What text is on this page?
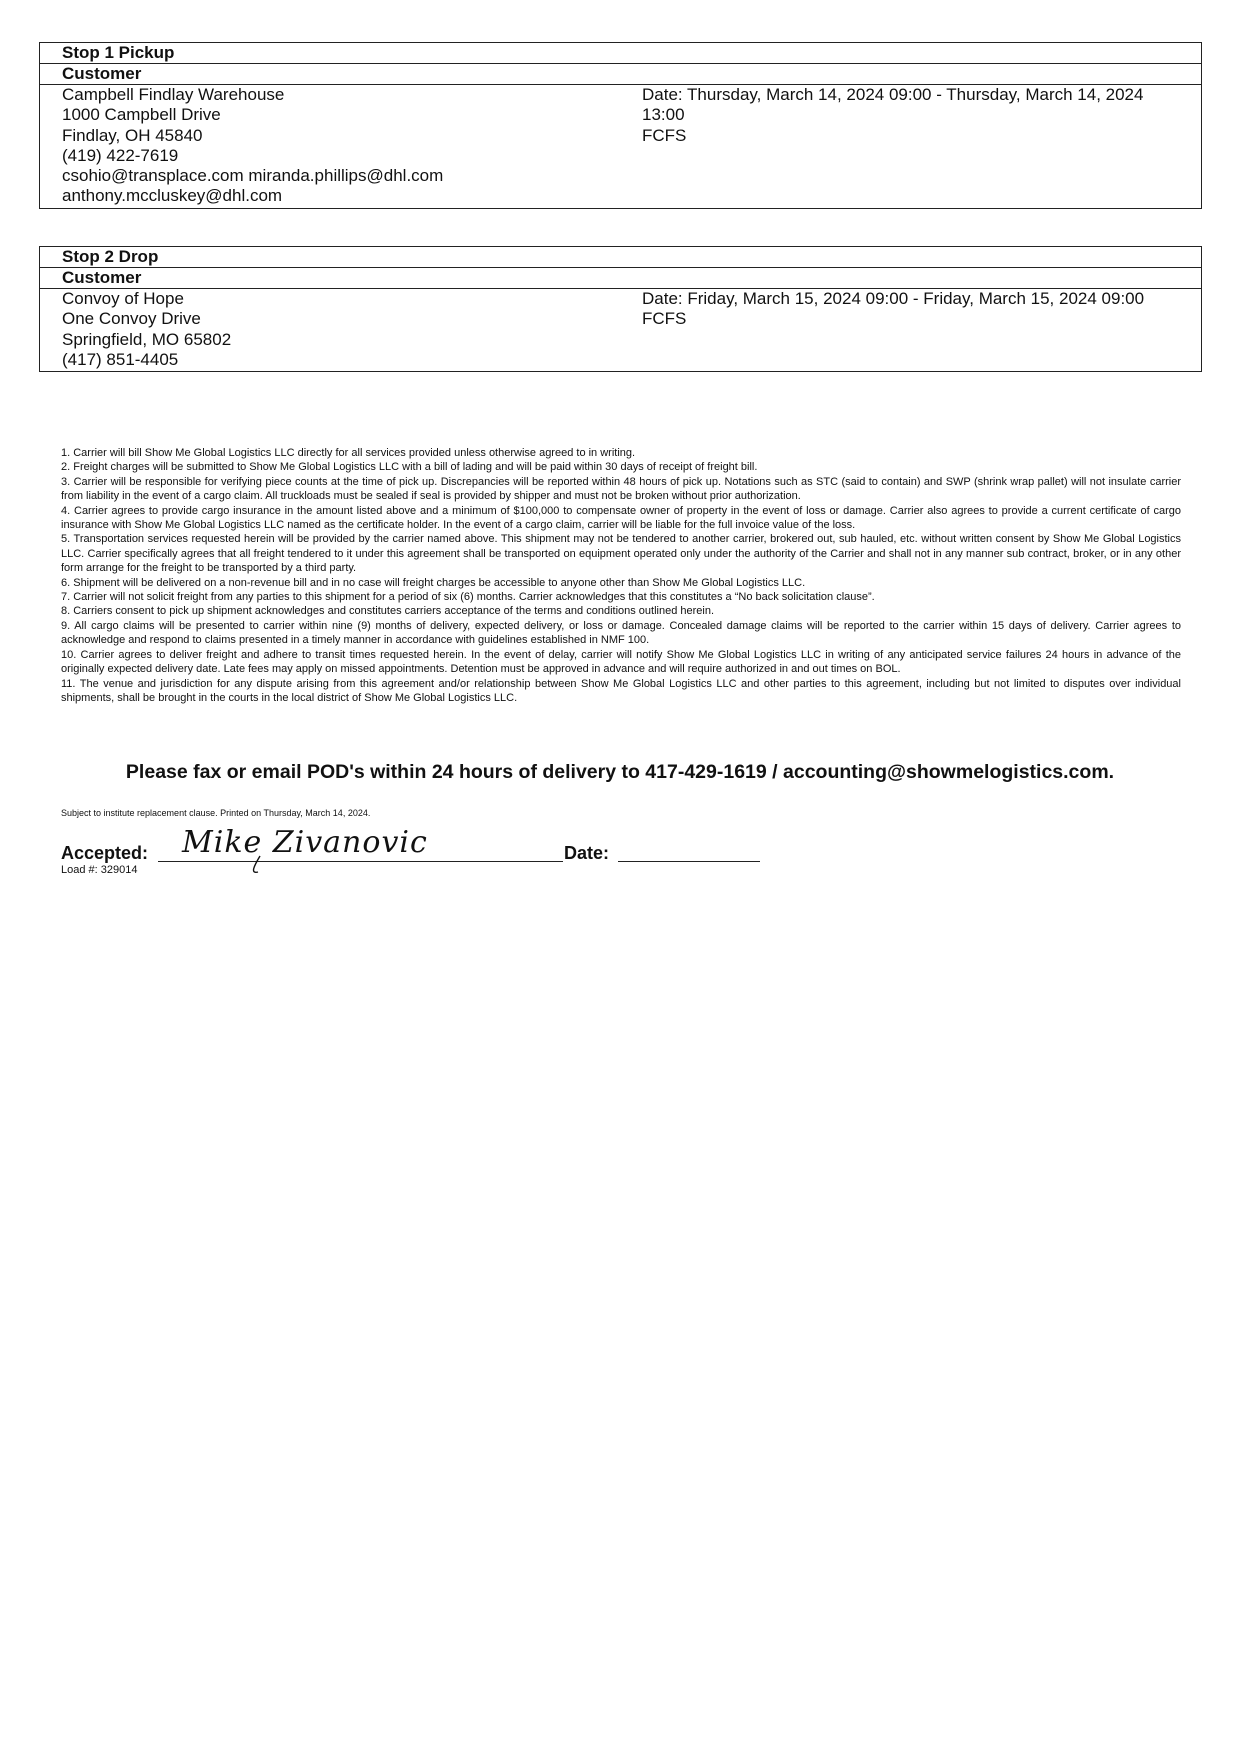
Stop 1 Pickup
Customer
Campbell Findlay Warehouse
1000 Campbell Drive
Findlay, OH 45840
(419) 422-7619
csohio@transplace.com miranda.phillips@dhl.com
anthony.mccluskey@dhl.com
Date: Thursday, March 14, 2024 09:00 - Thursday, March 14, 2024 13:00
FCFS
Stop 2 Drop
Customer
Convoy of Hope
One Convoy Drive
Springfield, MO 65802
(417) 851-4405
Date: Friday, March 15, 2024 09:00 - Friday, March 15, 2024 09:00
FCFS

1. Carrier will bill Show Me Global Logistics LLC directly for all services provided unless otherwise agreed to in writing.

2. Freight charges will be submitted to Show Me Global Logistics LLC with a bill of lading and will be paid within 30 days of receipt of freight bill.

3. Carrier will be responsible for verifying piece counts at the time of pick up. Discrepancies will be reported within 48 hours of pick up. Notations such as STC (said to contain) and SWP (shrink wrap pallet) will not insulate carrier from liability in the event of a cargo claim. All truckloads must be sealed if seal is provided by shipper and must not be broken without prior authorization.

4. Carrier agrees to provide cargo insurance in the amount listed above and a minimum of $100,000 to compensate owner of property in the event of loss or damage. Carrier also agrees to provide a current certificate of cargo insurance with Show Me Global Logistics LLC named as the certificate holder. In the event of a cargo claim, carrier will be liable for the full invoice value of the loss.

5. Transportation services requested herein will be provided by the carrier named above. This shipment may not be tendered to another carrier, brokered out, sub hauled, etc. without written consent by Show Me Global Logistics LLC. Carrier specifically agrees that all freight tendered to it under this agreement shall be transported on equipment operated only under the authority of the Carrier and shall not in any manner sub contract, broker, or in any other form arrange for the freight to be transported by a third party.

6. Shipment will be delivered on a non-revenue bill and in no case will freight charges be accessible to anyone other than Show Me Global Logistics LLC.

7. Carrier will not solicit freight from any parties to this shipment for a period of six (6) months. Carrier acknowledges that this constitutes a “No back solicitation clause”.

8. Carriers consent to pick up shipment acknowledges and constitutes carriers acceptance of the terms and conditions outlined herein.

9. All cargo claims will be presented to carrier within nine (9) months of delivery, expected delivery, or loss or damage. Concealed damage claims will be reported to the carrier within 15 days of delivery. Carrier agrees to acknowledge and respond to claims presented in a timely manner in accordance with guidelines established in NMF 100.

10. Carrier agrees to deliver freight and adhere to transit times requested herein. In the event of delay, carrier will notify Show Me Global Logistics LLC in writing of any anticipated service failures 24 hours in advance of the originally expected delivery date. Late fees may apply on missed appointments. Detention must be approved in advance and will require authorized in and out times on BOL.

11. The venue and jurisdiction for any dispute arising from this agreement and/or relationship between Show Me Global Logistics LLC and other parties to this agreement, including but not limited to disputes over individual shipments, shall be brought in the courts in the local district of Show Me Global Logistics LLC.

Please fax or email POD's within 24 hours of delivery to 417-429-1619 / accounting@showmelogistics.com.
Subject to institute replacement clause. Printed on Thursday, March 14, 2024.
Accepted: Mike Zivanovic	Date:
Load #: 329014
